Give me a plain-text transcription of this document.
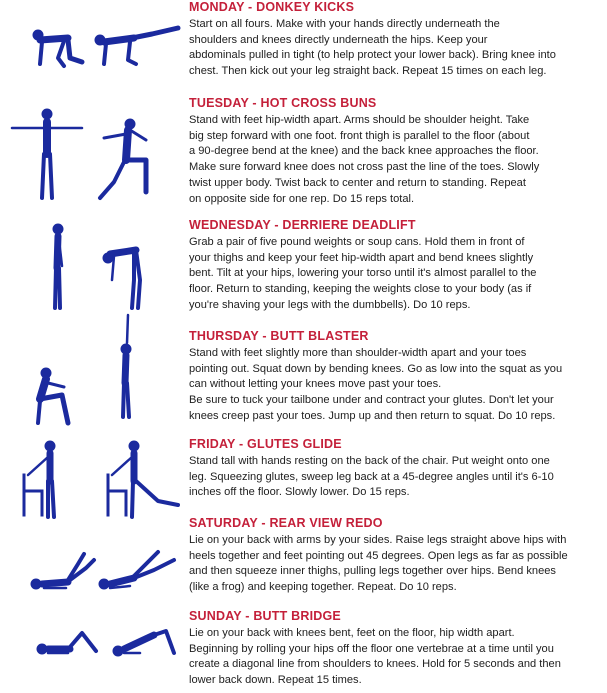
MONDAY - DONKEY KICKS

Start on all fours. Make with your hands directly underneath the

shoulders and knees directly underneath the hips. Keep your

abdominals pulled in tight (to help protect your lower back). Bring knee into

chest. Then kick out your leg straight back. Repeat 15 times on each leg.

TUESDAY - HOT CROSS BUNS

Stand with feet hip-width apart. Arms should be shoulder height. Take

big step forward with one foot. front thigh is parallel to the floor (about

a 90-degree bend at the knee) and the back knee approaches the floor.

Make sure forward knee does not cross past the line of the toes. Slowly

twist upper body. Twist back to center and return to standing. Repeat

on opposite side for one rep. Do 15 reps total.

WEDNESDAY - DERRIERE DEADLIFT

Grab a pair of five pound weights or soup cans. Hold them in front of

your thighs and keep your feet hip-width apart and bend knees slightly

bent. Tilt at your hips, lowering your torso until it's almost parallel to the

floor. Return to standing, keeping the weights close to your body (as if

you're shaving your legs with the dumbbells). Do 10 reps.

THURSDAY - BUTT BLASTER

Stand with feet slightly more than shoulder-width apart and your toes

pointing out. Squat down by bending knees. Go as low into the squat as you

can without letting your knees move past your toes.

Be sure to tuck your tailbone under and contract your glutes. Don't let your

knees creep past your toes. Jump up and then return to squat. Do 10 reps.

FRIDAY - GLUTES GLIDE

Stand tall with hands resting on the back of the chair. Put weight onto one

leg. Squeezing glutes, sweep leg back at a 45-degree angles until it's 6-10

inches off the floor. Slowly lower. Do 15 reps.

SATURDAY - REAR VIEW REDO

Lie on your back with arms by your sides. Raise legs straight above hips with

heels together and feet pointing out 45 degrees. Open legs as far as possible

and then squeeze inner thighs, pulling legs together over hips. Bend knees

(like a frog) and keeping together. Repeat. Do 10 reps.

SUNDAY - BUTT BRIDGE

Lie on your back with knees bent, feet on the floor, hip width apart.

Beginning by rolling your hips off the floor one vertebrae at a time until you

create a diagonal line from shoulders to knees. Hold for 5 seconds and then

lower back down. Repeat 15 times.
